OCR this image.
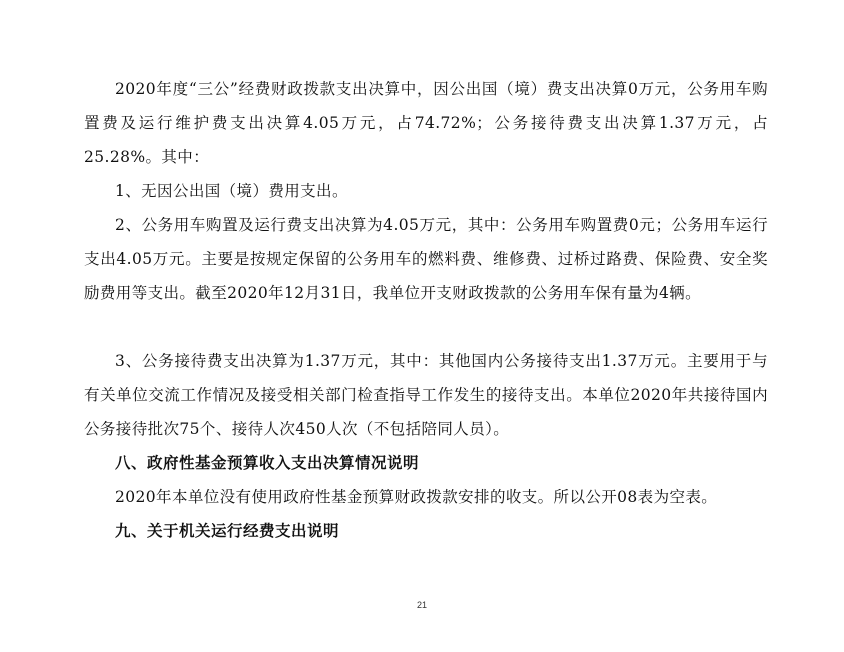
2020年度“三公”经费财政拨款支出决算中，因公出国（境）费支出决算0万元，公务用车购置费及运行维护费支出决算4.05万元，占74.72%；公务接待费支出决算1.37万元，占25.28%。其中：

1、无因公出国（境）费用支出。

2、公务用车购置及运行费支出决算为4.05万元，其中：公务用车购置费0元；公务用车运行支出4.05万元。主要是按规定保留的公务用车的燃料费、维修费、过桥过路费、保险费、安全奖励费用等支出。截至2020年12月31日，我单位开支财政拨款的公务用车保有量为4辆。

3、公务接待费支出决算为1.37万元，其中：其他国内公务接待支出1.37万元。主要用于与有关单位交流工作情况及接受相关部门检查指导工作发生的接待支出。本单位2020年共接待国内公务接待批次75个、接待人次450人次（不包括陪同人员）。

八、政府性基金预算收入支出决算情况说明

2020年本单位没有使用政府性基金预算财政拨款安排的收支。所以公开08表为空表。

九、关于机关运行经费支出说明
21
